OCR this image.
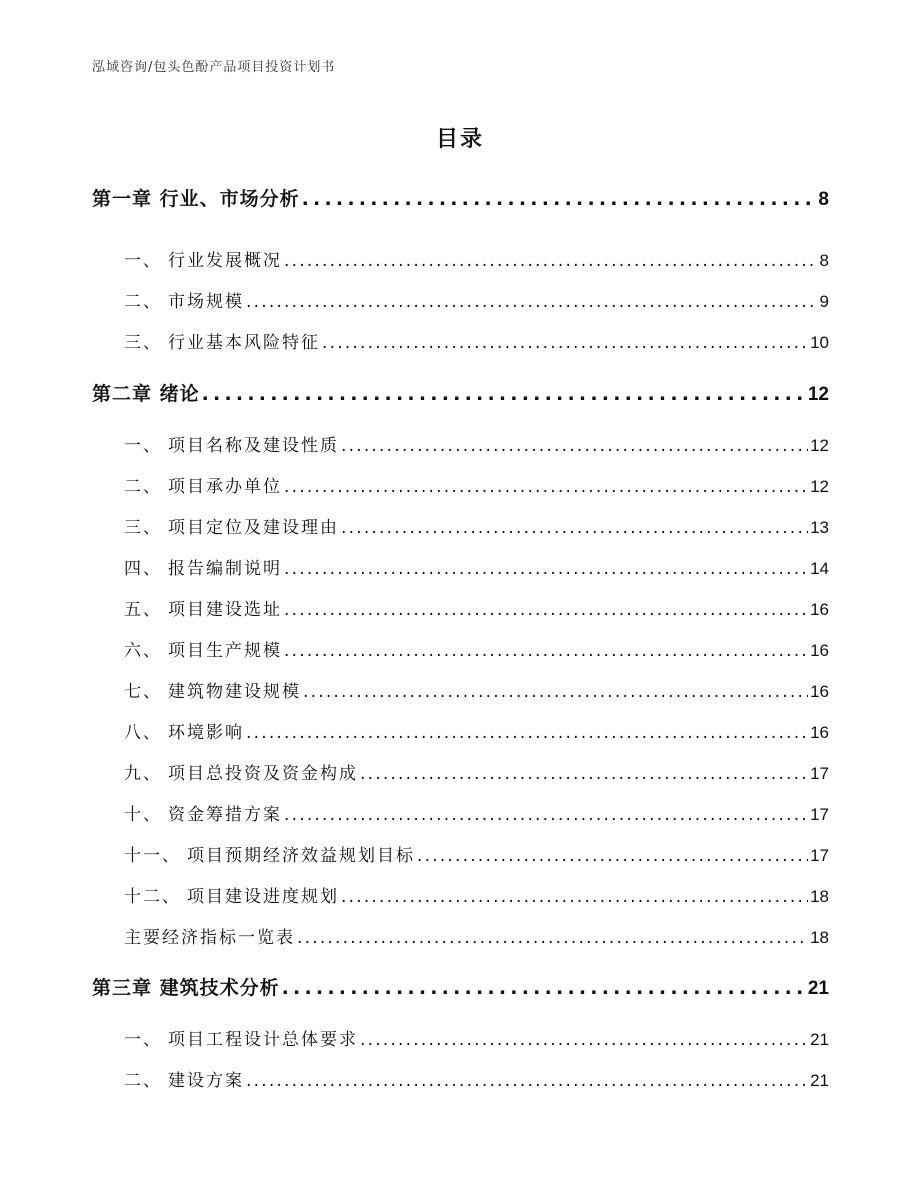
泓域咨询/包头色酚产品项目投资计划书
目录
第一章 行业、市场分析 . . .	8
一、 行业发展概况 . . .	8
二、 市场规模 . . .	9
三、 行业基本风险特征 . . .	10
第二章 绪论 . . .	12
一、 项目名称及建设性质 . . .	12
二、 项目承办单位 . . .	12
三、 项目定位及建设理由 . . .	13
四、 报告编制说明 . . .	14
五、 项目建设选址 . . .	16
六、 项目生产规模 . . .	16
七、 建筑物建设规模 . . .	16
八、 环境影响 . . .	16
九、 项目总投资及资金构成 . . .	17
十、 资金筹措方案 . . .	17
十一、 项目预期经济效益规划目标 . . .	17
十二、 项目建设进度规划 . . .	18
主要经济指标一览表 . . .	18
第三章 建筑技术分析 . . .	21
一、 项目工程设计总体要求 . . .	21
二、 建设方案 . . .	21
